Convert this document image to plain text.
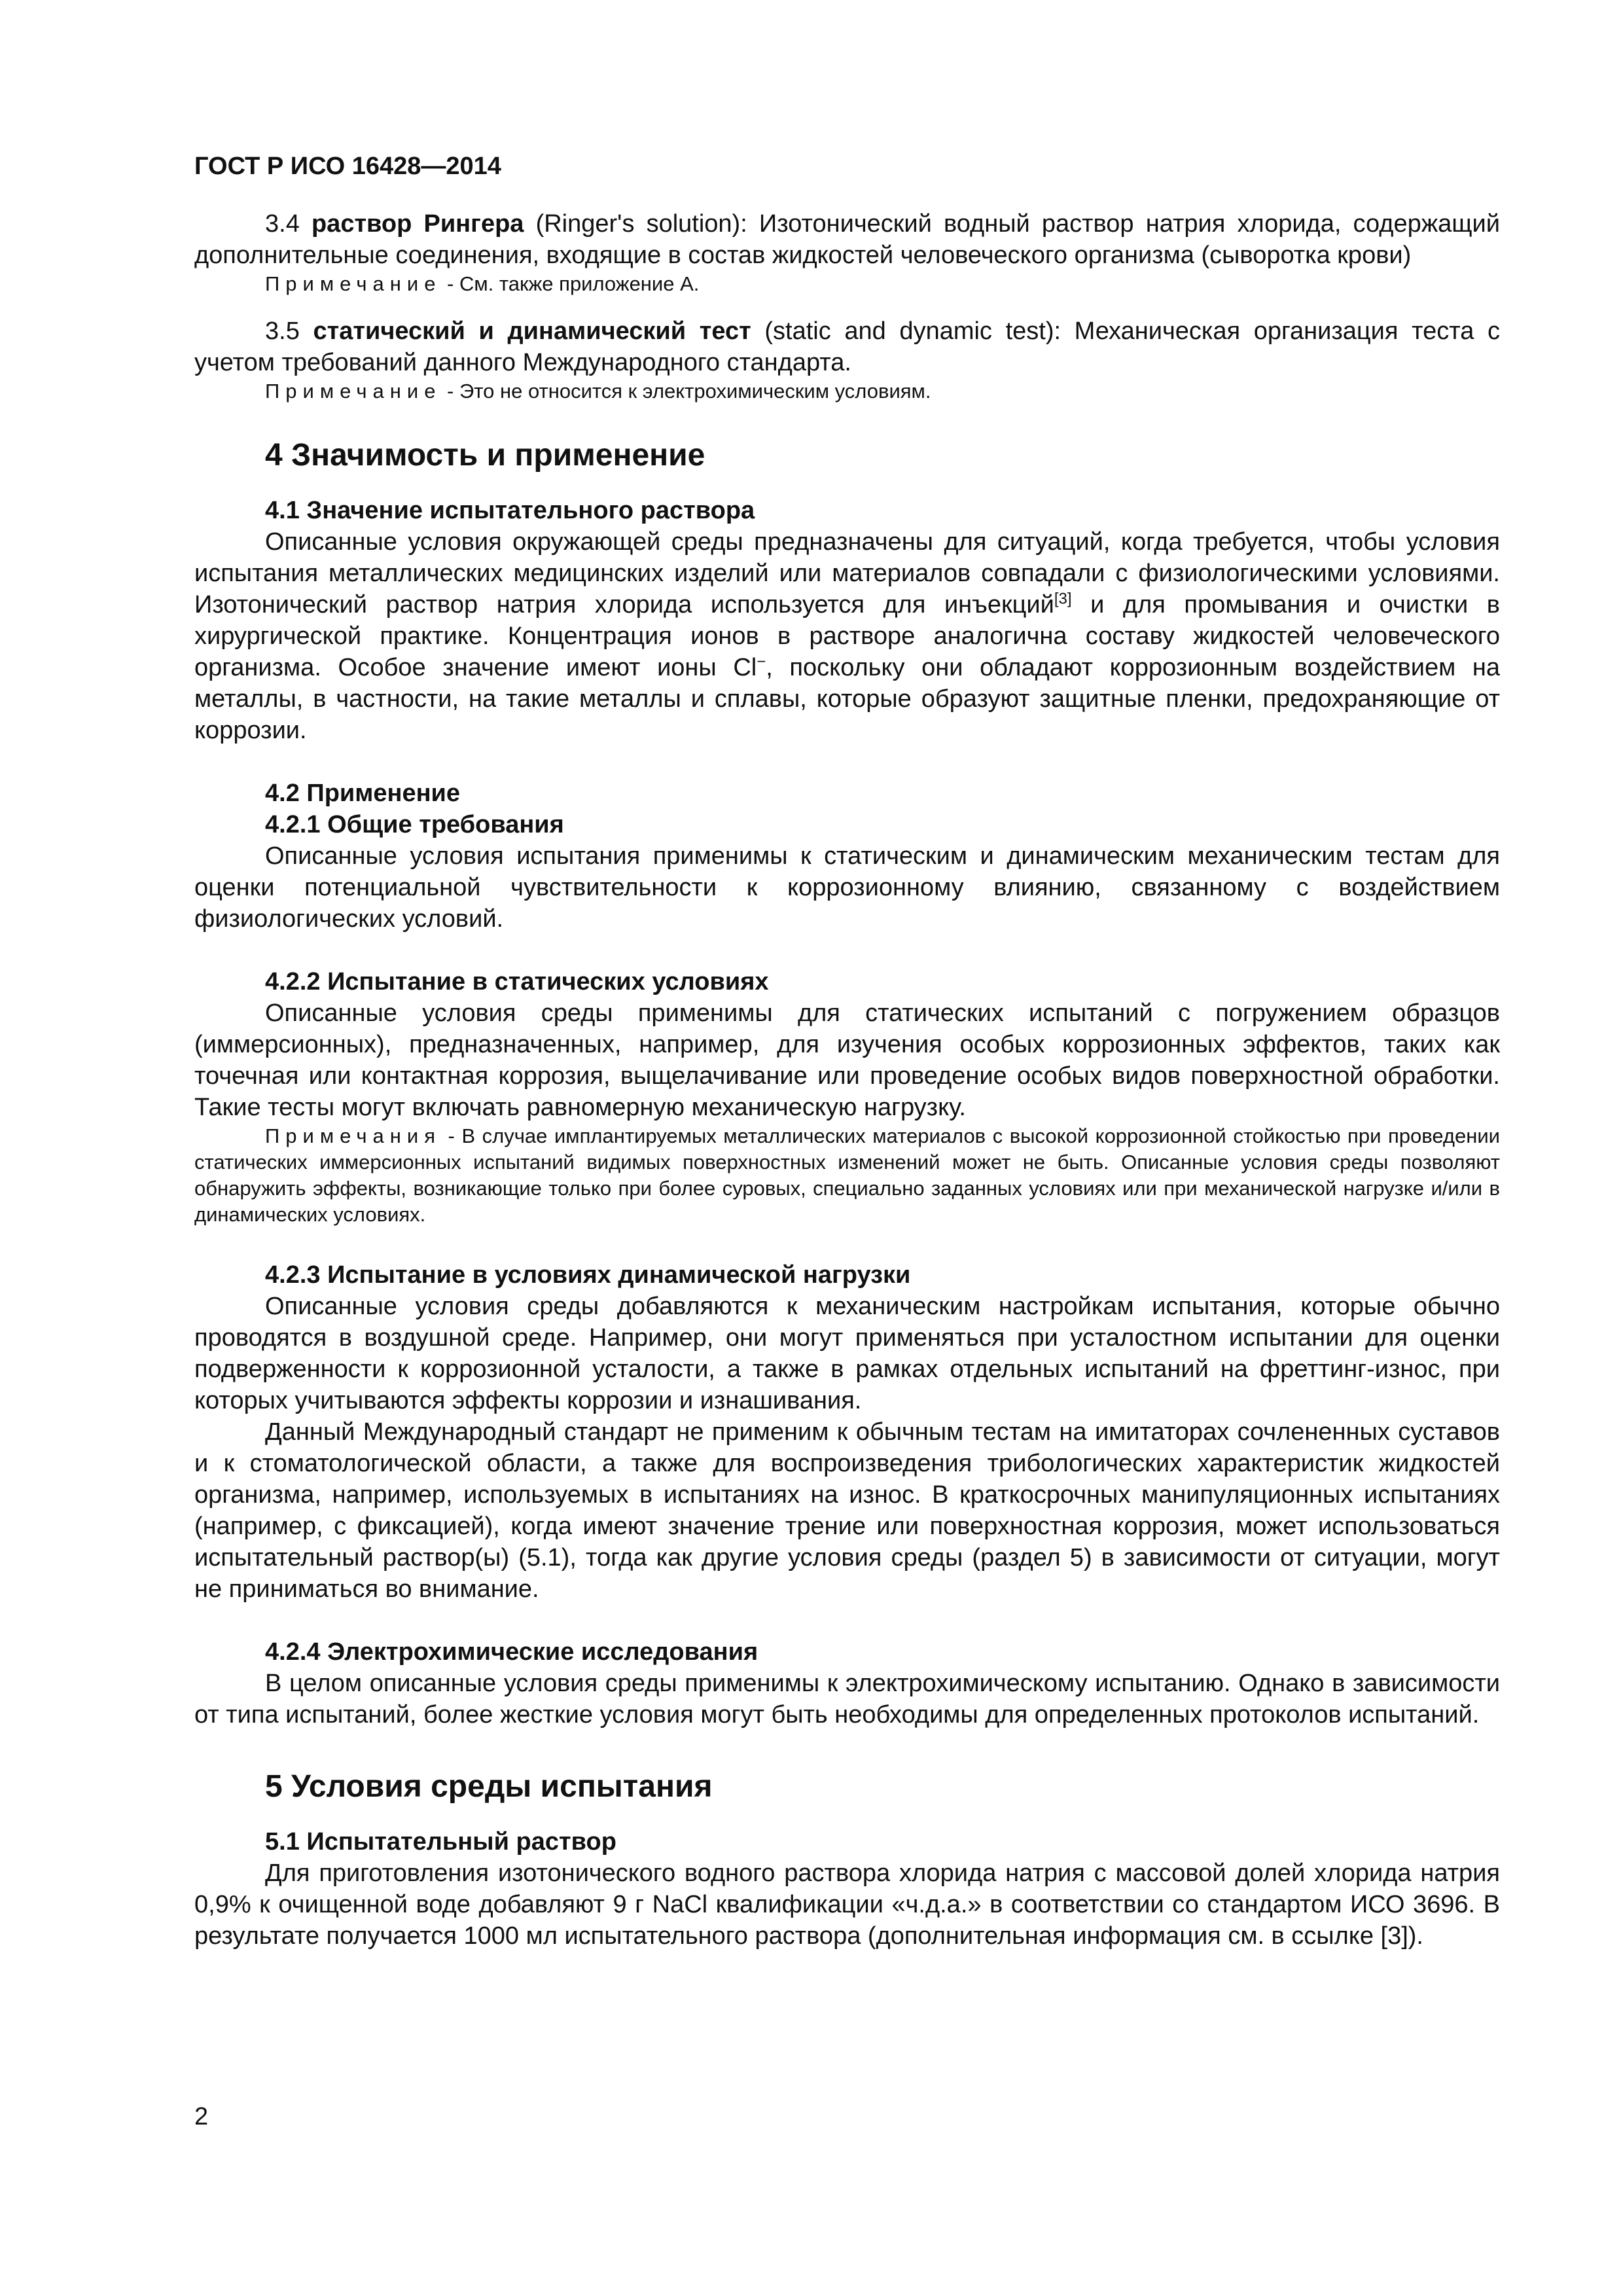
ГОСТ Р ИСО 16428—2014

3.4 раствор Рингера (Ringer's solution): Изотонический водный раствор натрия хлорида, содержащий дополнительные соединения, входящие в состав жидкостей человеческого организма (сыворотка крови)

Примечание - См. также приложение А.

3.5 статический и динамический тест (static and dynamic test): Механическая организация теста с учетом требований данного Международного стандарта.

Примечание - Это не относится к электрохимическим условиям.

4 Значимость и применение
4.1 Значение испытательного раствора

Описанные условия окружающей среды предназначены для ситуаций, когда требуется, чтобы условия испытания металлических медицинских изделий или материалов совпадали с физиологическими условиями. Изотонический раствор натрия хлорида используется для инъекций[3] и для промывания и очистки в хирургической практике. Концентрация ионов в растворе аналогична составу жидкостей человеческого организма. Особое значение имеют ионы Cl−, поскольку они обладают коррозионным воздействием на металлы, в частности, на такие металлы и сплавы, которые образуют защитные пленки, предохраняющие от коррозии.

4.2 Применение
4.2.1 Общие требования

Описанные условия испытания применимы к статическим и динамическим механическим тестам для оценки потенциальной чувствительности к коррозионному влиянию, связанному с воздействием физиологических условий.

4.2.2 Испытание в статических условиях

Описанные условия среды применимы для статических испытаний с погружением образцов (иммерсионных), предназначенных, например, для изучения особых коррозионных эффектов, таких как точечная или контактная коррозия, выщелачивание или проведение особых видов поверхностной обработки. Такие тесты могут включать равномерную механическую нагрузку.

Примечания - В случае имплантируемых металлических материалов с высокой коррозионной стойкостью при проведении статических иммерсионных испытаний видимых поверхностных изменений может не быть. Описанные условия среды позволяют обнаружить эффекты, возникающие только при более суровых, специально заданных условиях или при механической нагрузке и/или в динамических условиях.

4.2.3 Испытание в условиях динамической нагрузки

Описанные условия среды добавляются к механическим настройкам испытания, которые обычно проводятся в воздушной среде. Например, они могут применяться при усталостном испытании для оценки подверженности к коррозионной усталости, а также в рамках отдельных испытаний на фреттинг-износ, при которых учитываются эффекты коррозии и изнашивания.

Данный Международный стандарт не применим к обычным тестам на имитаторах сочлененных суставов и к стоматологической области, а также для воспроизведения трибологических характеристик жидкостей организма, например, используемых в испытаниях на износ. В краткосрочных манипуляционных испытаниях (например, с фиксацией), когда имеют значение трение или поверхностная коррозия, может использоваться испытательный раствор(ы) (5.1), тогда как другие условия среды (раздел 5) в зависимости от ситуации, могут не приниматься во внимание.

4.2.4 Электрохимические исследования

В целом описанные условия среды применимы к электрохимическому испытанию. Однако в зависимости от типа испытаний, более жесткие условия могут быть необходимы для определенных протоколов испытаний.

5 Условия среды испытания
5.1 Испытательный раствор

Для приготовления изотонического водного раствора хлорида натрия с массовой долей хлорида натрия 0,9% к очищенной воде добавляют 9 г NaCl квалификации «ч.д.а.» в соответствии со стандартом ИСО 3696. В результате получается 1000 мл испытательного раствора (дополнительная информация см. в ссылке [3]).

2
